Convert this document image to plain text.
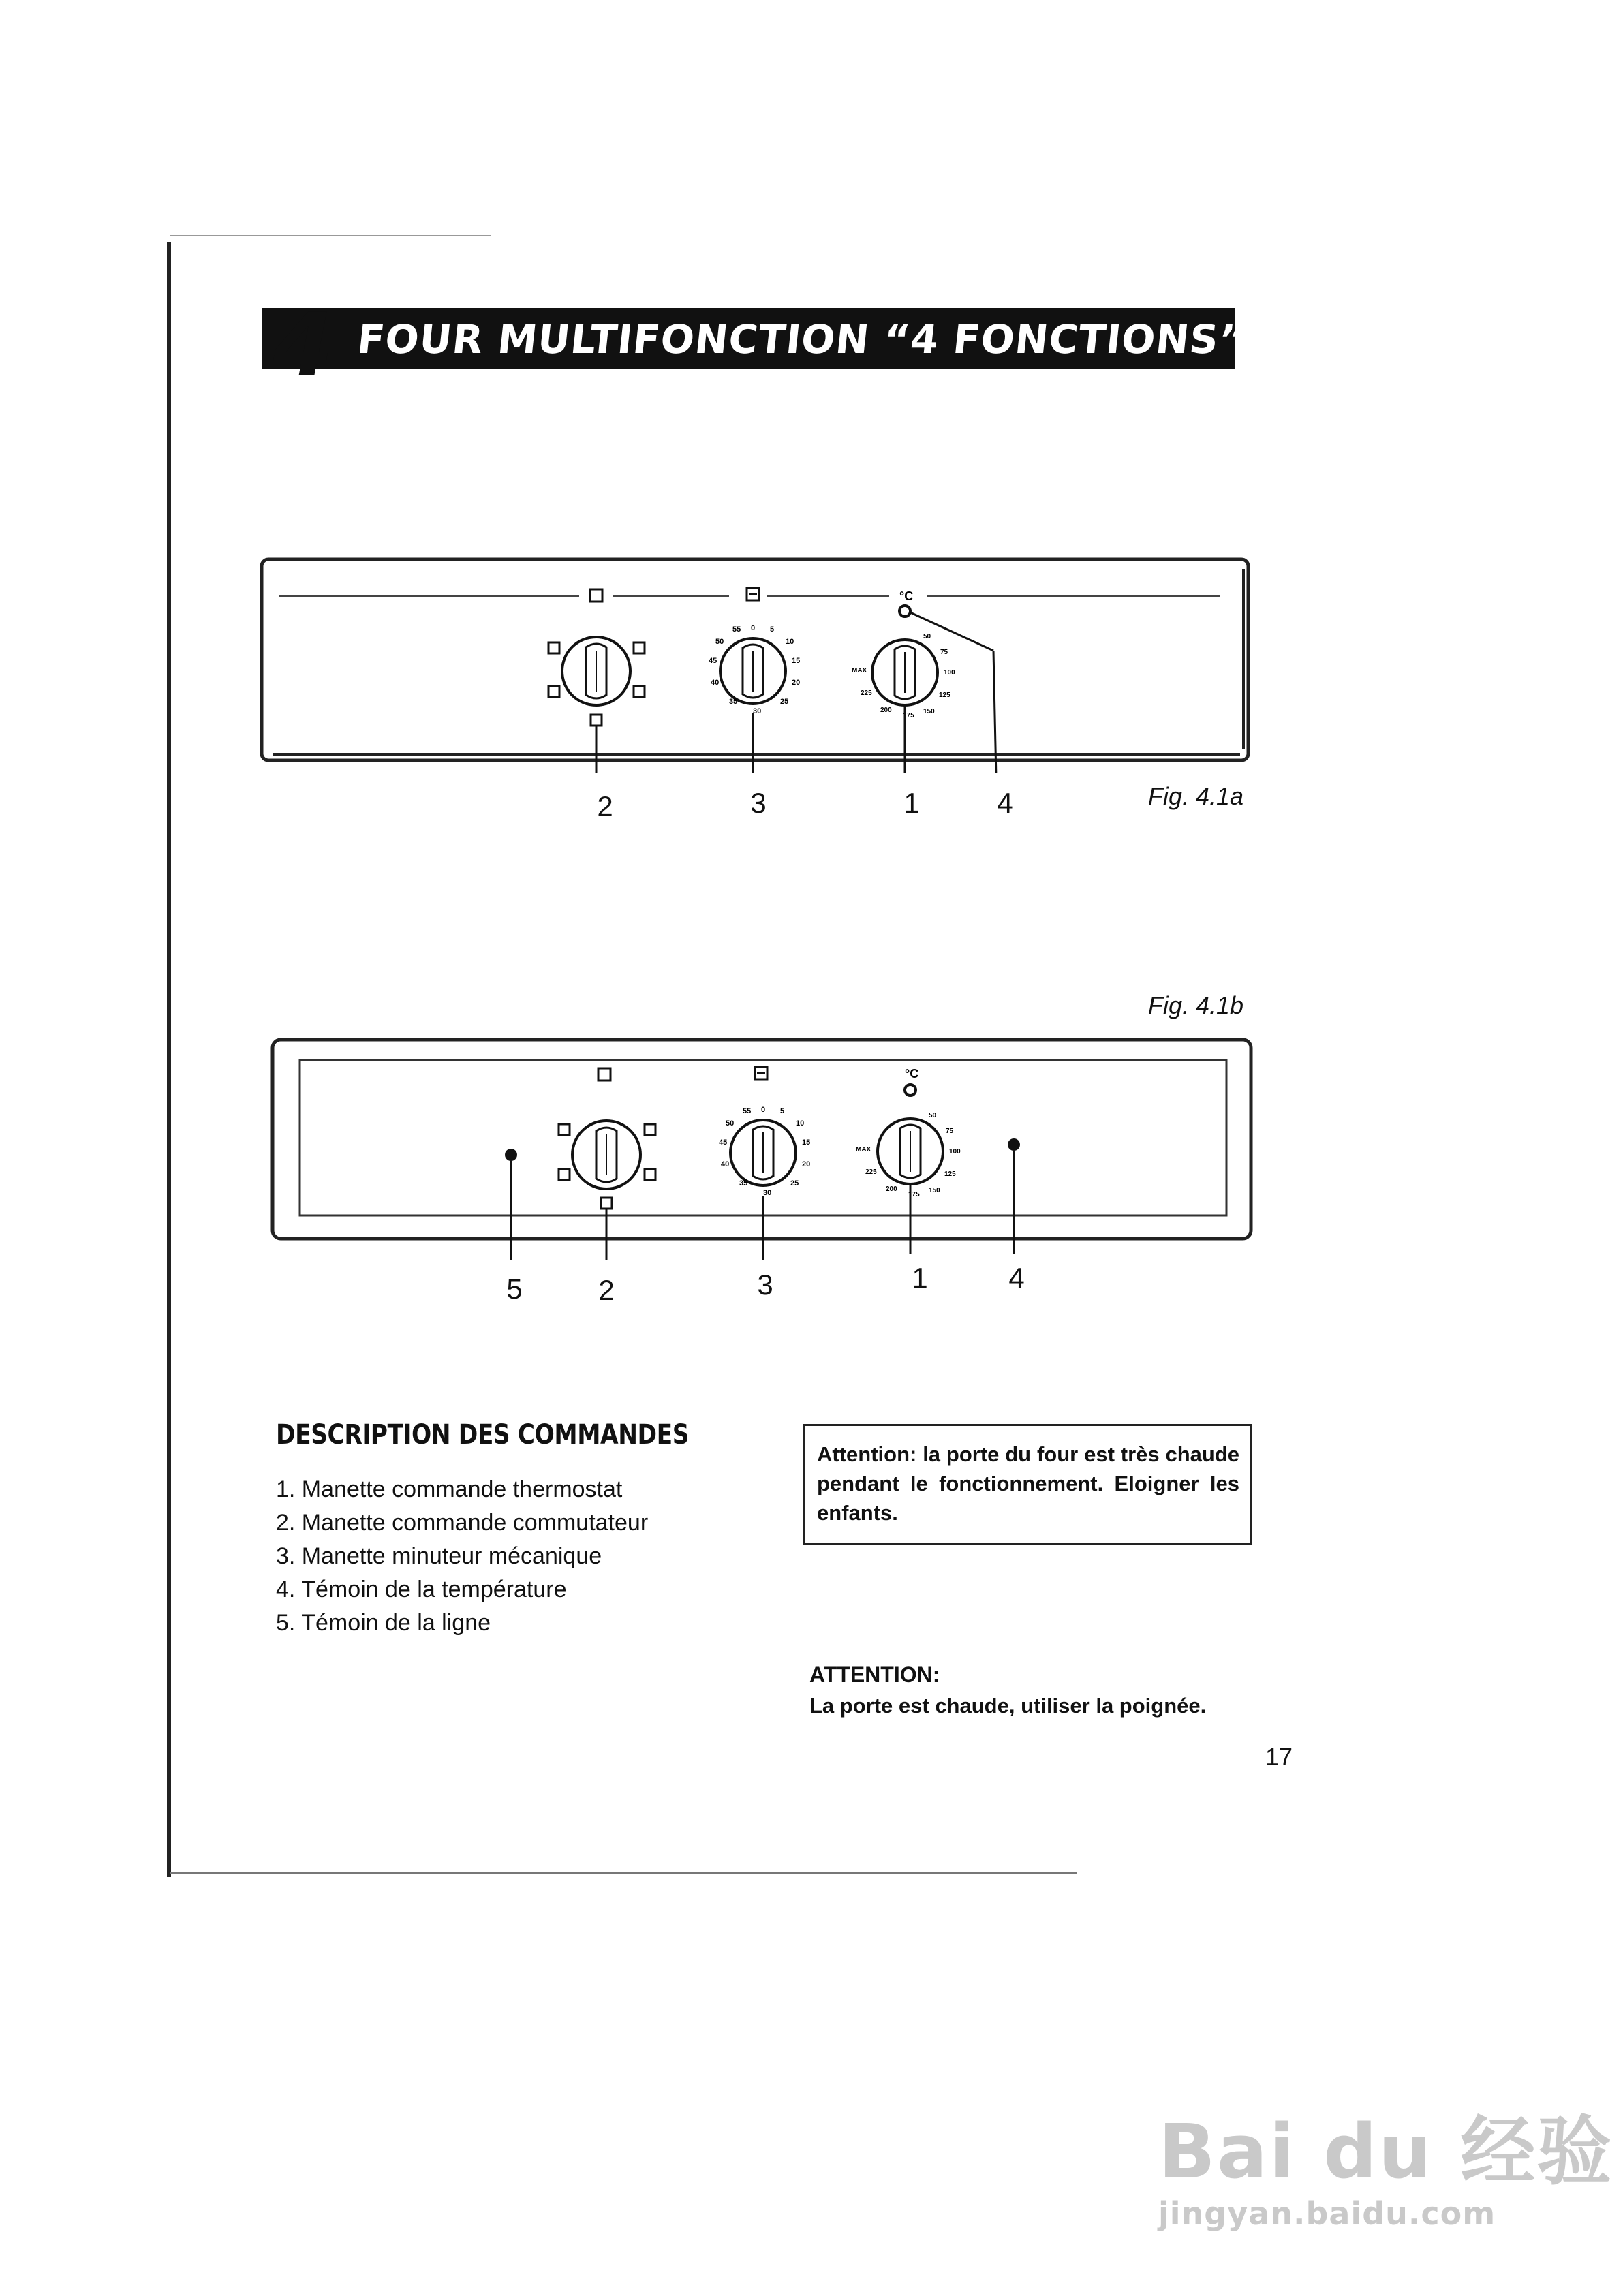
4 FOUR MULTIFONCTION “4 FONCTIONS”
°C
0 5
10
15
20
25
30
35
40
45
50
55
50
75
100
125
150
175
200
225
MAX
2	3	1	4	Fig. 4.1a
Fig. 4.1b
°C
0 5
10
15
20
25
30
35
40
45
50
55
50
75
100
125
150
175
200
225
MAX
5	2	3	1	4
DESCRIPTION DES COMMANDES
1. Manette commande thermostat
2. Manette commande commutateur
3. Manette minuteur mécanique
4. Témoin de la température
5. Témoin de la ligne
Attention: la porte du four est très chaude pendant le fonctionnement. Eloigner les enfants.
ATTENTION:
La porte est chaude, utiliser la poignée.
17
Bai du 经验
jingyan.baidu.com
